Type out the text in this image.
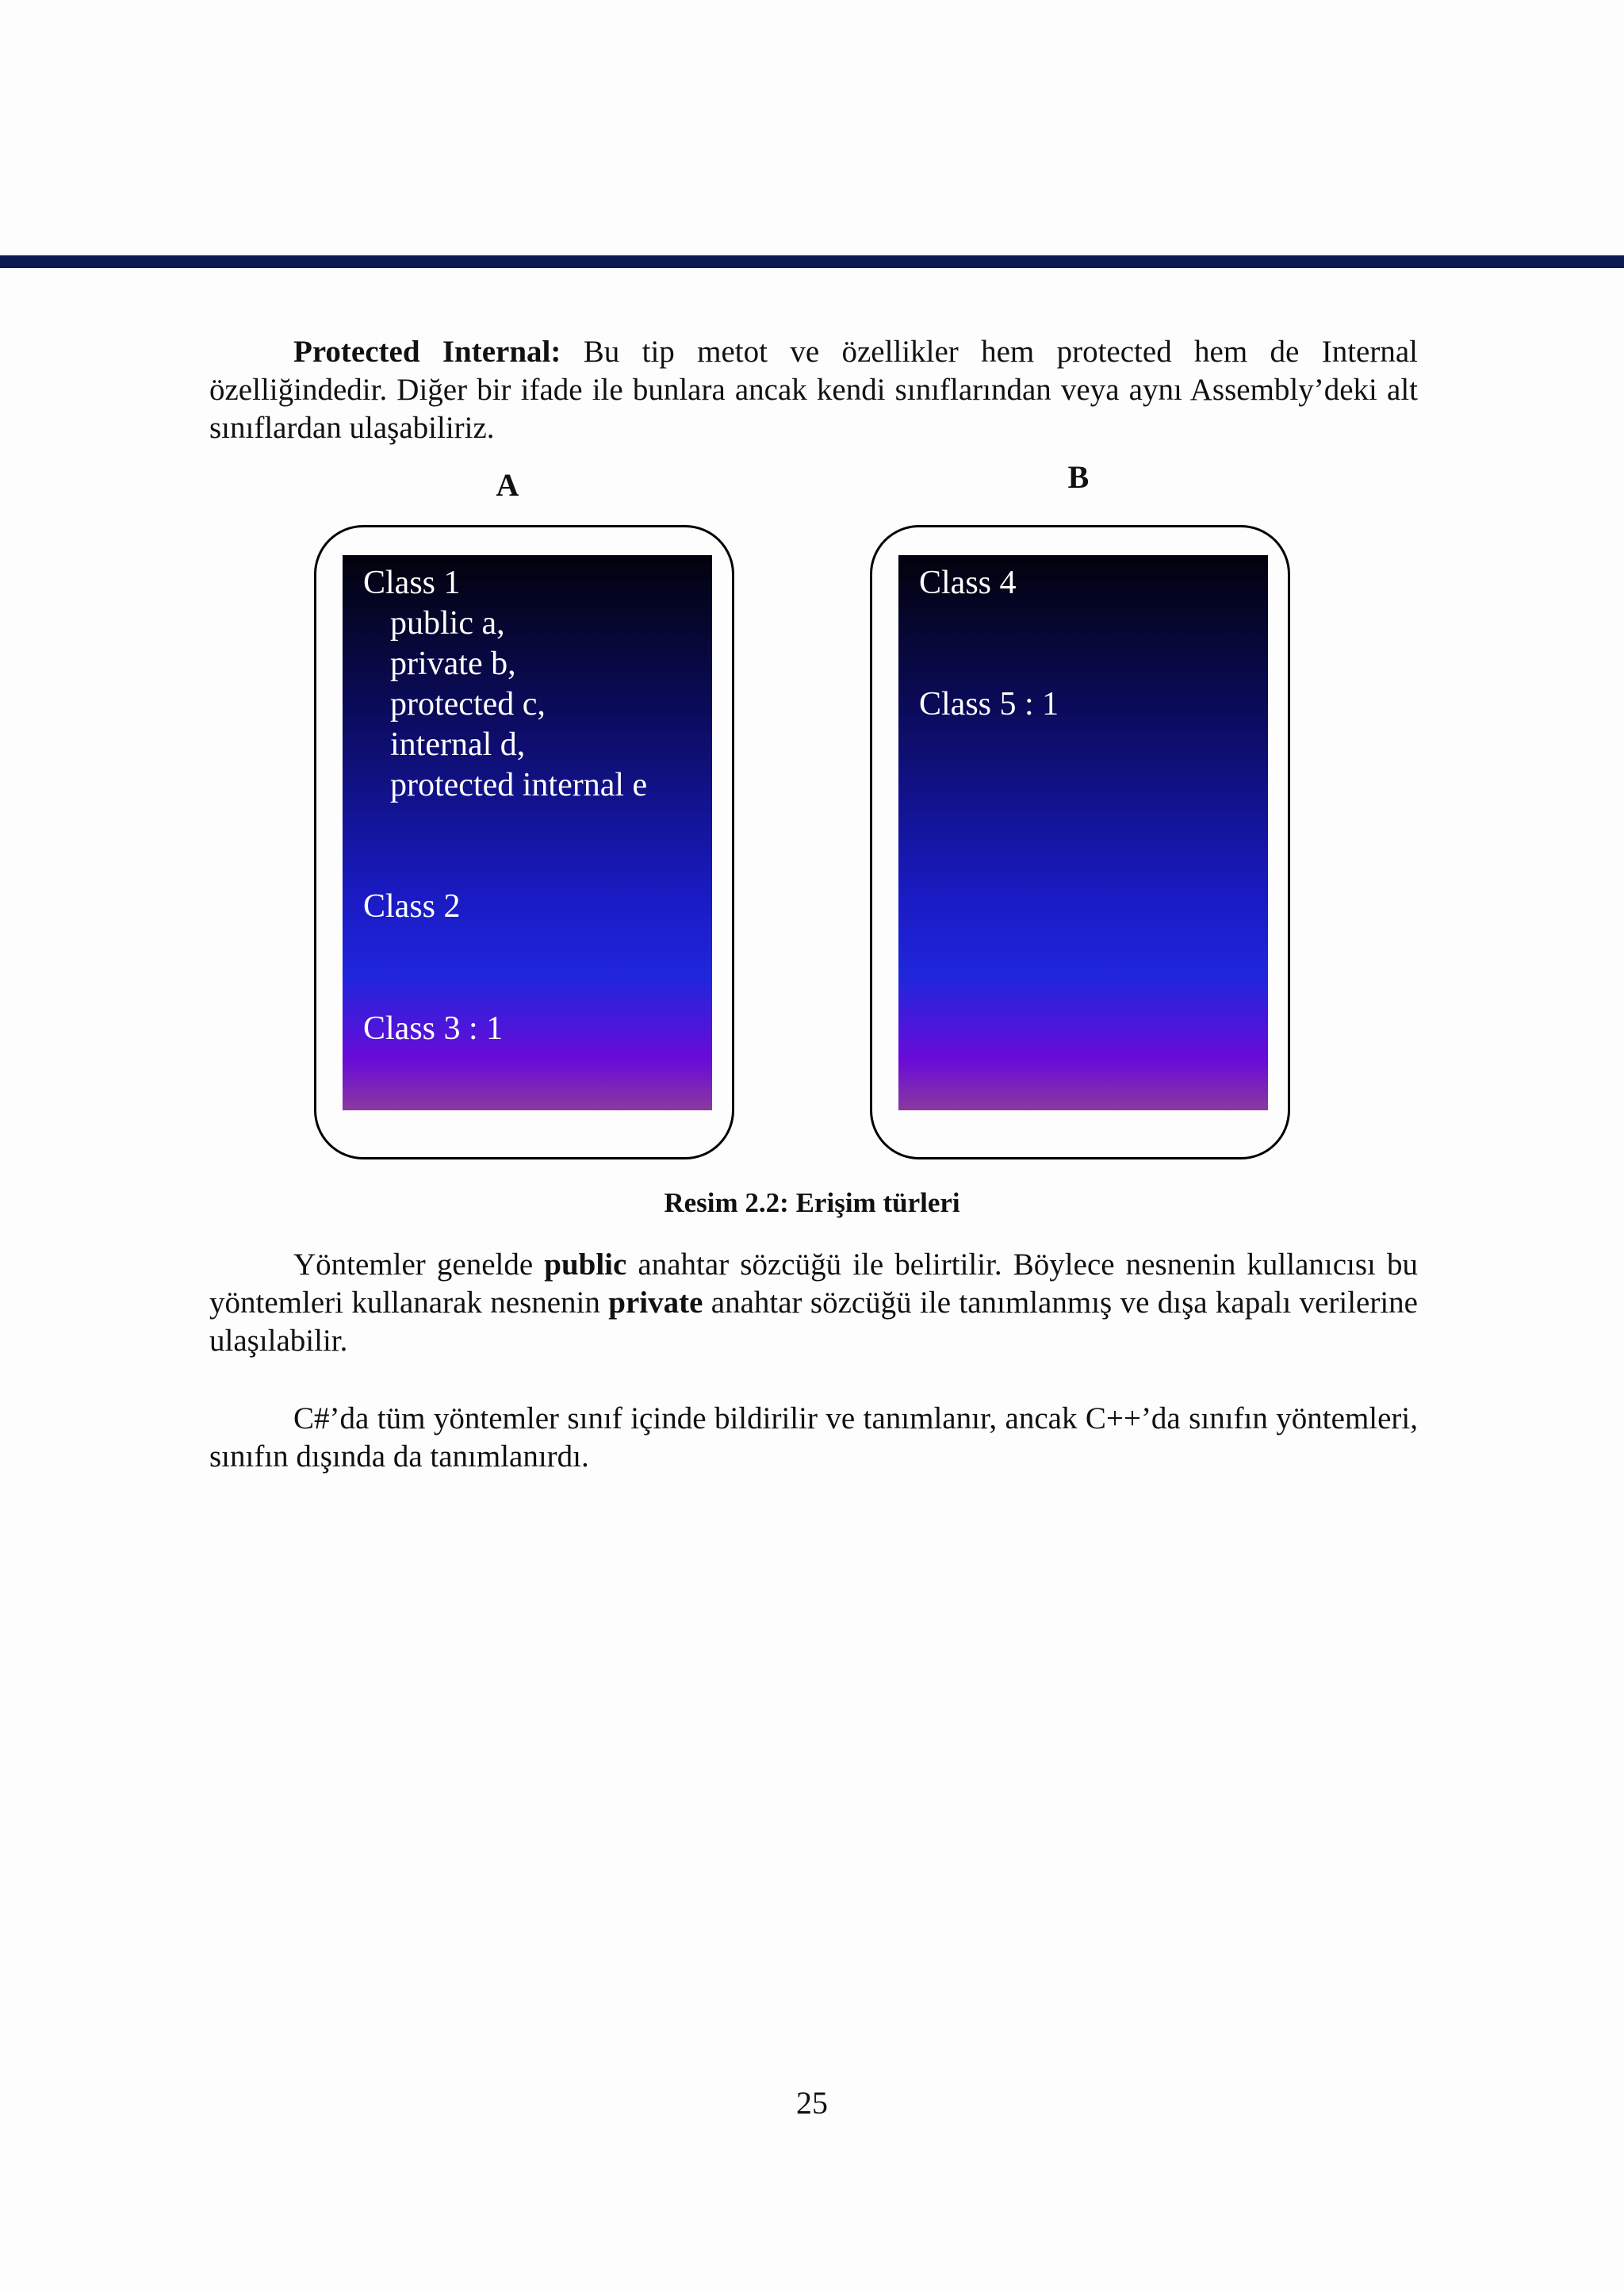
Protected Internal: Bu tip metot ve özellikler hem protected hem de Internal özelliğindedir. Diğer bir ifade ile bunlara ancak kendi sınıflarından veya aynı Assembly’deki alt sınıflardan ulaşabiliriz.

A	B
Class 1
public a,
private b,
protected c,
internal d,
protected internal e
Class 2
Class 3 : 1
Class 4
Class 5 : 1
Resim 2.2: Erişim türleri

Yöntemler genelde public anahtar sözcüğü ile belirtilir. Böylece nesnenin kullanıcısı bu yöntemleri kullanarak nesnenin private anahtar sözcüğü ile tanımlanmış ve dışa kapalı verilerine ulaşılabilir.

C#’da tüm yöntemler sınıf içinde bildirilir ve tanımlanır, ancak C++’da sınıfın yöntemleri, sınıfın dışında da tanımlanırdı.

25
